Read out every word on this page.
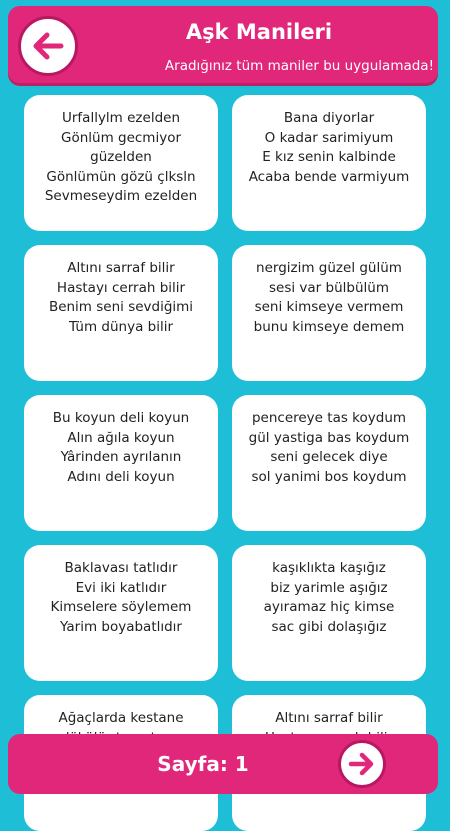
Urfallylm ezelden
Gönlüm gecmiyor
güzelden
Gönlümün gözü çlksln
Sevmeseydim ezelden
Bana diyorlar
O kadar sarimiyum
E kız senin kalbinde
Acaba bende varmiyum
Altını sarraf bilir
Hastayı cerrah bilir
Benim seni sevdiğimi
Tüm dünya bilir
nergizim güzel gülüm
sesi var bülbülüm
seni kimseye vermem
bunu kimseye demem
Bu koyun deli koyun
Alın ağıla koyun
Yârinden ayrılanın
Adını deli koyun
pencereye tas koydum
gül yastiga bas koydum
seni gelecek diye
sol yanimi bos koydum
Baklavası tatlıdır
Evi iki katlıdır
Kimselere söylemem
Yarim boyabatlıdır
kaşıklıkta kaşığız
biz yarimle aşığız
ayıramaz hiç kimse
sac gibi dolaşığız
Ağaçlarda kestane	Altını sarraf bilir
Aşk Manileri
Aradığınız tüm maniler bu uygulamada!
Sayfa: 1
